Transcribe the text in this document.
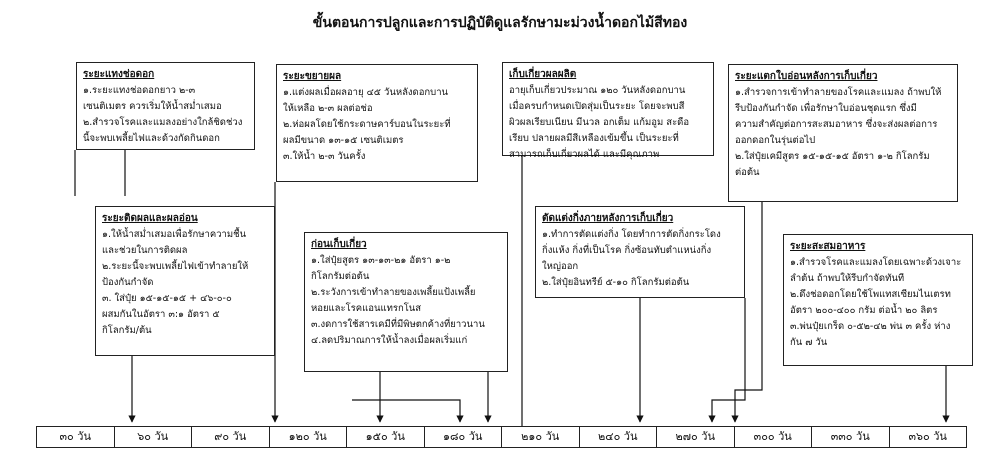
ขั้นตอนการปลูกและการปฏิบัติดูแลรักษามะม่วงน้ำดอกไม้สีทอง
ระยะแทงช่อดอก
๑.ระยะแทงช่อดอกยาว ๒-๓
เซนติเมตร ควรเริ่มให้น้ำสม่ำเสมอ
๒.สำรวจโรคและแมลงอย่างใกล้ชิดช่วง
นี้จะพบเพลี้ยไฟและด้วงกัดกินดอก
ระยะติดผลและผลอ่อน
๑.ให้น้ำสม่ำเสมอเพื่อรักษาความชื้น
และช่วยในการติดผล
๒.ระยะนี้จะพบเพลี้ยไฟเข้าทำลายให้
ป้องกันกำจัด
๓. ใส่ปุ๋ย ๑๕-๑๕-๑๕ + ๔๖-๐-๐
ผสมกันในอัตรา ๓:๑ อัตรา ๕
กิโลกรัม/ต้น
ระยะขยายผล
๑.แต่งผลเมื่อผลอายุ ๔๕ วันหลังดอกบาน
ให้เหลือ ๒-๓ ผลต่อช่อ
๒.ห่อผลโดยใช้กระดาษคาร์บอนในระยะที่
ผลมีขนาด ๑๓-๑๕ เซนติเมตร
๓.ให้น้ำ ๒-๓ วันครั้ง
ก่อนเก็บเกี่ยว
๑.ใส่ปุ๋ยสูตร ๑๓-๑๓-๒๑ อัตรา ๑-๒
กิโลกรัมต่อต้น
๒.ระวังการเข้าทำลายของเพลี้ยแป้งเพลี้ย
หอยและโรคแอนแทรกโนส
๓.งดการใช้สารเคมีที่มีพิษตกค้างที่ยาวนาน
๔.ลดปริมาณการให้น้ำลงเมื่อผลเริ่มแก่
เก็บเกี่ยวผลผลิต
อายุเก็บเกี่ยวประมาณ ๑๒๐ วันหลังดอกบาน
เมื่อครบกำหนดเปิดสุ่มเป็นระยะ โดยจะพบสี
ผิวผลเรียบเนียน มีนวล อกเต็ม แก้มอูม สะดือ
เรียบ ปลายผลมีสีเหลืองเข้มขึ้น เป็นระยะที่
สามารถเก็บเกี่ยวผลได้ และมีคุณภาพ
ตัดแต่งกิ่งภายหลังการเก็บเกี่ยว
๑.ทำการตัดแต่งกิ่ง โดยทำการตัดกิ่งกระโดง
กิ่งแห้ง กิ่งที่เป็นโรค กิ่งซ้อนทับตำแหน่งกิ่ง
ใหญ่ออก
๒.ใส่ปุ๋ยอินทรีย์ ๕-๑๐ กิโลกรัมต่อต้น
ระยะแตกใบอ่อนหลังการเก็บเกี่ยว
๑.สำรวจการเข้าทำลายของโรคและแมลง ถ้าพบให้
รีบป้องกันกำจัด เพื่อรักษาใบอ่อนชุดแรก ซึ่งมี
ความสำคัญต่อการสะสมอาหาร ซึ่งจะส่งผลต่อการ
ออกดอกในรุ่นต่อไป
๒.ใส่ปุ๋ยเคมีสูตร ๑๕-๑๕-๑๕ อัตรา ๑-๒ กิโลกรัม
ต่อต้น
ระยะสะสมอาหาร
๑.สำรวจโรคและแมลงโดยเฉพาะด้วงเจาะ
ลำต้น ถ้าพบให้รีบกำจัดทันที
๒.ดึงช่อดอกโดยใช้โพแทสเซียมไนเตรท
อัตรา ๒๐๐-๔๐๐ กรัม ต่อน้ำ ๒๐ ลิตร
๓.พ่นปุ๋ยเกร็ด ๐-๕๒-๔๒ พ่น ๓ ครั้ง ห่าง
กัน ๗ วัน
๓๐ วัน	๖๐ วัน	๙๐ วัน	๑๒๐ วัน	๑๕๐ วัน	๑๘๐ วัน	๒๑๐ วัน	๒๔๐ วัน	๒๗๐ วัน	๓๐๐ วัน	๓๓๐ วัน	๓๖๐ วัน
